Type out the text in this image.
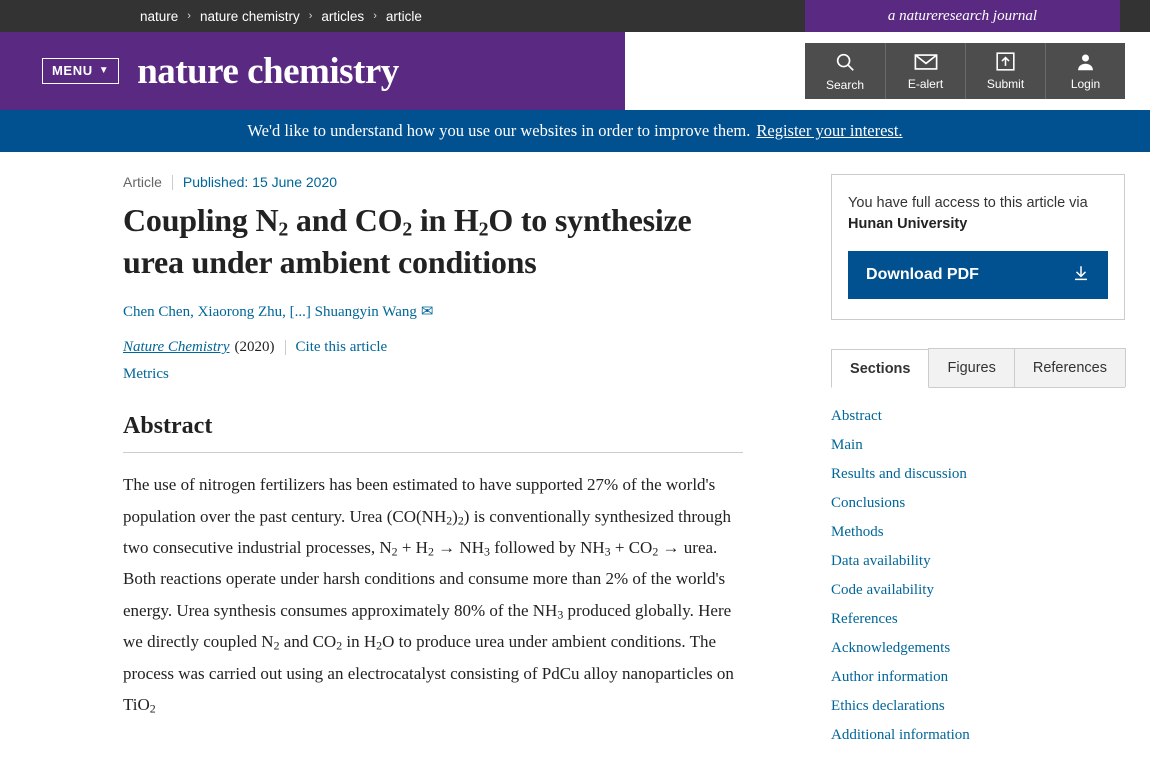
nature › nature chemistry › articles › article	a natureresearch journal
MENU ▼ nature chemistry	Search	E-alert	Submit	Login
We'd like to understand how you use our websites in order to improve them. Register your interest.
Article Published: 15 June 2020
Coupling $N_2$ and $CO_2$ in $H_2O$ to synthesize urea under ambient conditions
Chen Chen, Xiaorong Zhu, [...] Shuangyin Wang ✉
Nature Chemistry (2020) Cite this article
Metrics
Abstract
The use of nitrogen fertilizers has been estimated to have supported 27% of the world's population over the past century. Urea $(CO(NH_2)_2)$ is conventionally synthesized through two consecutive industrial processes, $N_2 + H_2 \to NH_3$ followed by $NH_3 + CO_2$ → urea. Both reactions operate under harsh conditions and consume more than 2% of the world's energy. Urea synthesis consumes approximately 80% of the $NH_3$ produced globally. Here we directly coupled $N_2$ and $CO_2$ in $H_2O$ to produce urea under ambient conditions. The process was carried out using an electrocatalyst consisting of PdCu alloy nanoparticles on TiO$_2$
You have full access to this article via
Hunan University
Download PDF
Sections	Figures	References
Abstract
Main
Results and discussion
Conclusions
Methods
Data availability
Code availability
References
Acknowledgements
Author information
Ethics declarations
Additional information
